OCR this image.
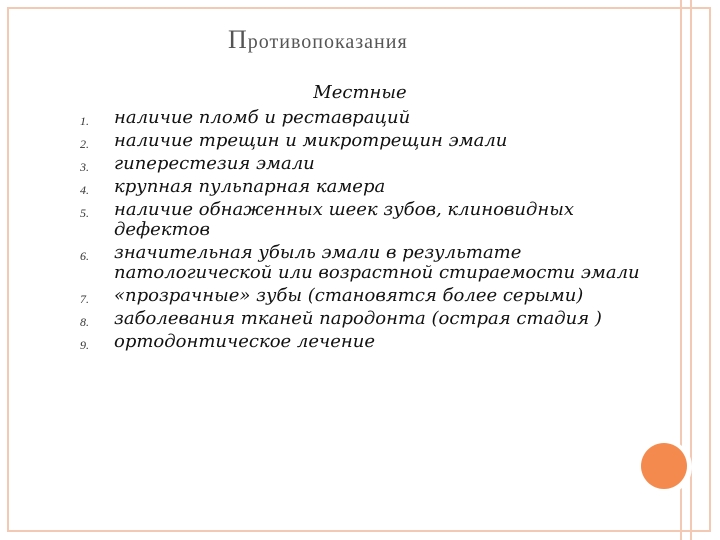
Противопоказания
Местные
1. наличие пломб и реставраций
2. наличие трещин и микротрещин эмали
3. гиперестезия эмали
4. крупная пульпарная камера
5. наличие обнаженных шеек зубов, клиновидных дефектов
6. значительная убыль эмали в результате патологической или возрастной стираемости эмали
7. «прозрачные» зубы (становятся более серыми)
8. заболевания тканей пародонта (острая стадия )
9. ортодонтическое лечение
